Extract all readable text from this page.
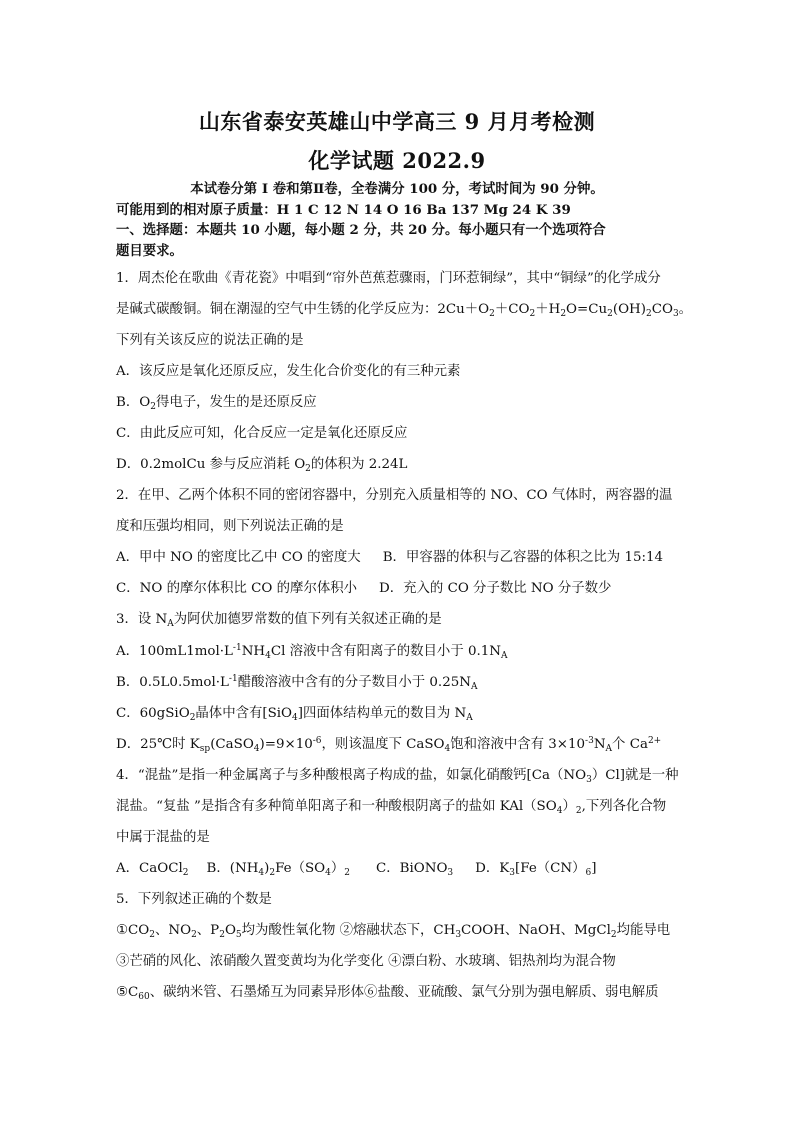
山东省泰安英雄山中学高三 9 月月考检测
化学试题 2022.9
本试卷分第 I 卷和第Ⅱ卷，全卷满分 100 分，考试时间为 90 分钟。
可能用到的相对原子质量：H 1 C 12 N 14 O 16 Ba 137 Mg 24 K 39
一、选择题：本题共 10 小题，每小题 2 分，共 20 分。每小题只有一个选项符合
题目要求。
1．周杰伦在歌曲《青花瓷》中唱到“帘外芭蕉惹骤雨，门环惹铜绿”，其中“铜绿”的化学成分
是碱式碳酸铜。铜在潮湿的空气中生锈的化学反应为：$2Cu+O_2+CO_2+H_2O=Cu_2(OH)_2CO_3$。
下列有关该反应的说法正确的是
A．该反应是氧化还原反应，发生化合价变化的有三种元素
B．$O_2$得电子，发生的是还原反应
C．由此反应可知，化合反应一定是氧化还原反应
D．0.2molCu 参与反应消耗 $O_2$的体积为 2.24L
2．在甲、乙两个体积不同的密闭容器中，分别充入质量相等的 NO、CO 气体时，两容器的温
度和压强均相同，则下列说法正确的是
A．甲中 NO 的密度比乙中 CO 的密度大 B．甲容器的体积与乙容器的体积之比为 15:14
C．NO 的摩尔体积比 CO 的摩尔体积小 D．充入的 CO 分子数比 NO 分子数少
3．设 $N_A$为阿伏加德罗常数的值下列有关叙述正确的是
A．$100mL1mol\cdot L^{-1}NH_4Cl$ 溶液中含有阳离子的数目小于 $0.1N_A$
B．$0.5L0.5mol\cdot L^{-1}$醋酸溶液中含有的分子数目小于 $0.25N_A$
C．60gSiO$_2$晶体中含有[SiO$_4$]四面体结构单元的数目为 $N_A$
D．25℃时 $K_{sp}(CaSO_4)=9\times 10^{-6}$，则该温度下 CaSO$_4$饱和溶液中含有 $3\times 10^{-3}N_A$个 $Ca^{2+}$
4．“混盐”是指一种金属离子与多种酸根离子构成的盐，如氯化硝酸钙$[Ca(NO_3)Cl]$就是一种
混盐。“复盐 ”是指含有多种简单阳离子和一种酸根阴离子的盐如 $KAl(SO_4)_2$,下列各化合物
中属于混盐的是
A．CaOCl$_2$ B．$(NH_4)_2Fe(SO_4)_2$ C．BiONO$_3$ D．$K_3[Fe(CN)_6]$
5．下列叙述正确的个数是
$①CO_2$、$NO_2$、$P_2O_5$均为酸性氧化物 ②熔融状态下，$CH_3COOH$、NaOH、MgCl$_2$均能导电
③芒硝的风化、浓硝酸久置变黄均为化学变化 ④漂白粉、水玻璃、铝热剂均为混合物
$⑤C_{60}$、碳纳米管、石墨烯互为同素异形体⑥盐酸、亚硫酸、氯气分别为强电解质、弱电解质
